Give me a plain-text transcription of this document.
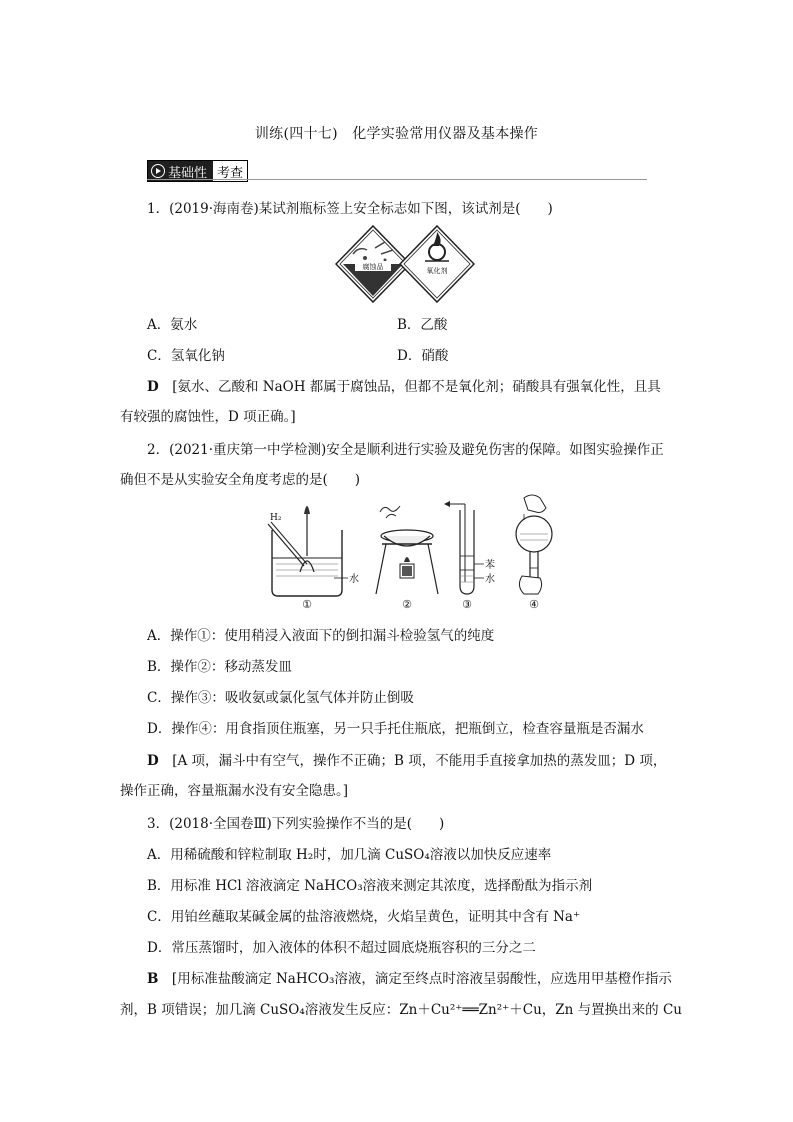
训练(四十七)　化学实验常用仪器及基本操作
基础性 考查
1．(2019·海南卷)某试剂瓶标签上安全标志如下图，该试剂是(　　)
腐蚀品	氧化剂
A．氨水	B．乙酸
C．氢氧化钠	D．硝酸
D　 [氨水、乙酸和 NaOH 都属于腐蚀品，但都不是氧化剂；硝酸具有强氧化性，且具
有较强的腐蚀性，D 项正确。]
2．(2021·重庆第一中学检测)安全是顺利进行实验及避免伤害的保障。如图实验操作正
确但不是从实验安全角度考虑的是(　　)
H₂
水
①	②
苯
水
③	④
A．操作①：使用稍浸入液面下的倒扣漏斗检验氢气的纯度
B．操作②：移动蒸发皿
C．操作③：吸收氨或氯化氢气体并防止倒吸
D．操作④：用食指顶住瓶塞，另一只手托住瓶底，把瓶倒立，检查容量瓶是否漏水
D　 [A 项，漏斗中有空气，操作不正确；B 项，不能用手直接拿加热的蒸发皿；D 项，
操作正确，容量瓶漏水没有安全隐患。]
3．(2018·全国卷Ⅲ)下列实验操作不当的是(　　)
A．用稀硫酸和锌粒制取 H₂时，加几滴 CuSO₄溶液以加快反应速率
B．用标准 HCl 溶液滴定 NaHCO₃溶液来测定其浓度，选择酚酞为指示剂
C．用铂丝蘸取某碱金属的盐溶液燃烧，火焰呈黄色，证明其中含有 Na⁺
D．常压蒸馏时，加入液体的体积不超过圆底烧瓶容积的三分之二
B　 [用标准盐酸滴定 NaHCO₃溶液，滴定至终点时溶液呈弱酸性，应选用甲基橙作指示
剂，B 项错误；加几滴 CuSO₄溶液发生反应：Zn＋Cu²⁺══Zn²⁺＋Cu，Zn 与置换出来的 Cu
